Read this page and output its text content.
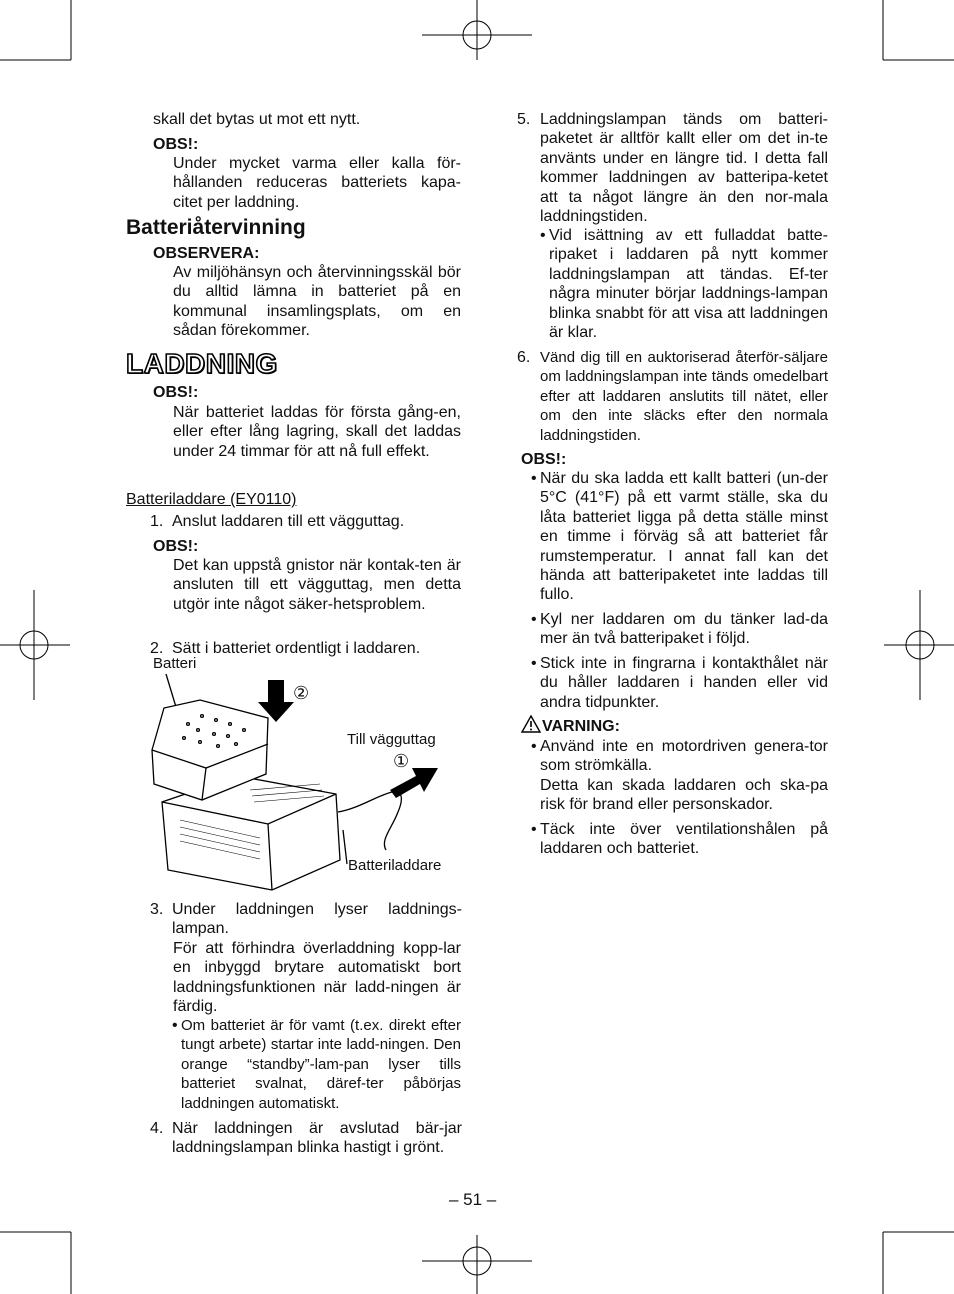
skall det bytas ut mot ett nytt.
OBS!:
Under mycket varma eller kalla för-hållanden reduceras batteriets kapa-citet per laddning.
Batteriåtervinning
OBSERVERA:
Av miljöhänsyn och återvinningsskäl bör du alltid lämna in batteriet på en kommunal insamlingsplats, om en sådan förekommer.
LADDNING
OBS!:
När batteriet laddas för första gång-en, eller efter lång lagring, skall det laddas under 24 timmar för att nå full effekt.
Batteriladdare (EY0110)
1. Anslut laddaren till ett vägguttag.
OBS!:
Det kan uppstå gnistor när kontak-ten är ansluten till ett vägguttag, men detta utgör inte något säker-hetsproblem.
2. Sätt i batteriet ordentligt i laddaren.
Batteri
②
Till vägguttag
①
Batteriladdare
3. Under laddningen lyser laddnings-lampan.
För att förhindra överladdning kopp-lar en inbyggd brytare automatiskt bort laddningsfunktionen när ladd-ningen är färdig.
• Om batteriet är för vamt (t.ex. direkt efter tungt arbete) startar inte ladd-ningen. Den orange “standby”-lam-pan lyser tills batteriet svalnat, däref-ter påbörjas laddningen automatiskt.
4. När laddningen är avslutad bär-jar laddningslampan blinka hastigt i grönt.
5. Laddningslampan tänds om batteri-paketet är alltför kallt eller om det in-te använts under en längre tid. I detta fall kommer laddningen av batteripa-ketet att ta något längre än den nor-mala laddningstiden.
• Vid isättning av ett fulladdat batte-ripaket i laddaren på nytt kommer laddningslampan att tändas. Ef-ter några minuter börjar laddnings-lampan blinka snabbt för att visa att laddningen är klar.
6. Vänd dig till en auktoriserad återför-säljare om laddningslampan inte tänds omedelbart efter att laddaren anslutits till nätet, eller om den inte släcks efter den normala laddningstiden.
OBS!:
• När du ska ladda ett kallt batteri (un-der 5°C (41°F) på ett varmt ställe, ska du låta batteriet ligga på detta ställe minst en timme i förväg så att batteriet får rumstemperatur. I annat fall kan det hända att batteripaketet inte laddas till fullo.
• Kyl ner laddaren om du tänker lad-da mer än två batteripaket i följd.
• Stick inte in fingrarna i kontakthålet när du håller laddaren i handen eller vid andra tidpunkter.
VARNING:
• Använd inte en motordriven genera-tor som strömkälla.
Detta kan skada laddaren och ska-pa risk för brand eller personskador.
• Täck inte över ventilationshålen på laddaren och batteriet.
– 51 –
